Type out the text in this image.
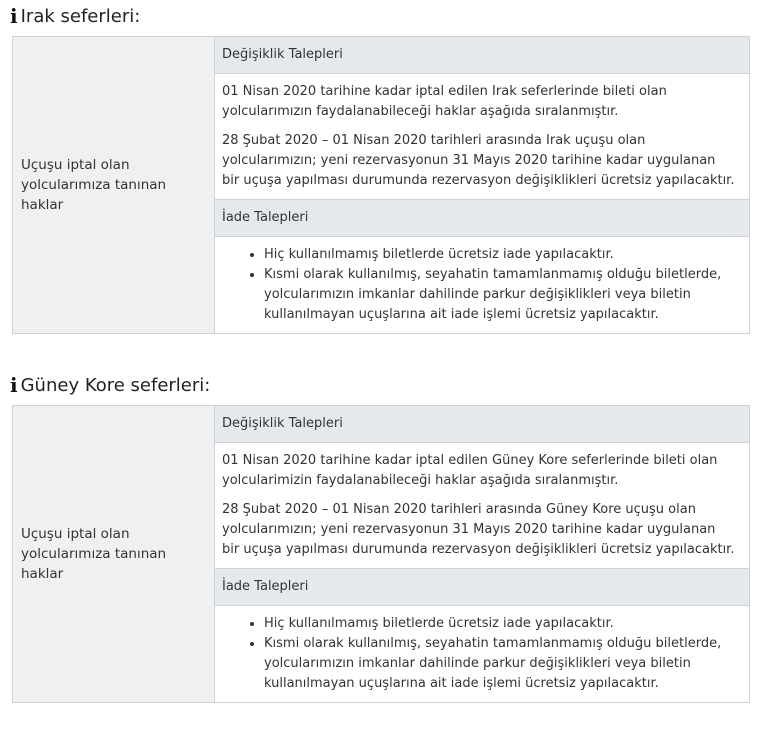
i Irak seferleri:
Uçuşu iptal olan yolcularımıza tanınan haklar	Değişiklik Talepleri

01 Nisan 2020 tarihine kadar iptal edilen Irak seferlerinde bileti olan yolcularımızın faydalanabileceği haklar aşağıda sıralanmıştır.

28 Şubat 2020 – 01 Nisan 2020 tarihleri arasında Irak uçuşu olan yolcularımızın; yeni rezervasyonun 31 Mayıs 2020 tarihine kadar uygulanan bir uçuşa yapılması durumunda rezervasyon değişiklikleri ücretsiz yapılacaktır.

İade Talepleri

• Hiç kullanılmamış biletlerde ücretsiz iade yapılacaktır.
• Kısmi olarak kullanılmış, seyahatin tamamlanmamış olduğu biletlerde, yolcularımızın imkanlar dahilinde parkur değişiklikleri veya biletin kullanılmayan uçuşlarına ait iade işlemi ücretsiz yapılacaktır.
i Güney Kore seferleri:
Uçuşu iptal olan yolcularımıza tanınan haklar	Değişiklik Talepleri

01 Nisan 2020 tarihine kadar iptal edilen Güney Kore seferlerinde bileti olan yolcularimizin faydalanabileceği haklar aşağıda sıralanmıştır.

28 Şubat 2020 – 01 Nisan 2020 tarihleri arasında Güney Kore uçuşu olan yolcularımızın; yeni rezervasyonun 31 Mayıs 2020 tarihine kadar uygulanan bir uçuşa yapılması durumunda rezervasyon değişiklikleri ücretsiz yapılacaktır.

İade Talepleri

• Hiç kullanılmamış biletlerde ücretsiz iade yapılacaktır.
• Kısmi olarak kullanılmış, seyahatin tamamlanmamış olduğu biletlerde, yolcularımızın imkanlar dahilinde parkur değişiklikleri veya biletin kullanılmayan uçuşlarına ait iade işlemi ücretsiz yapılacaktır.
